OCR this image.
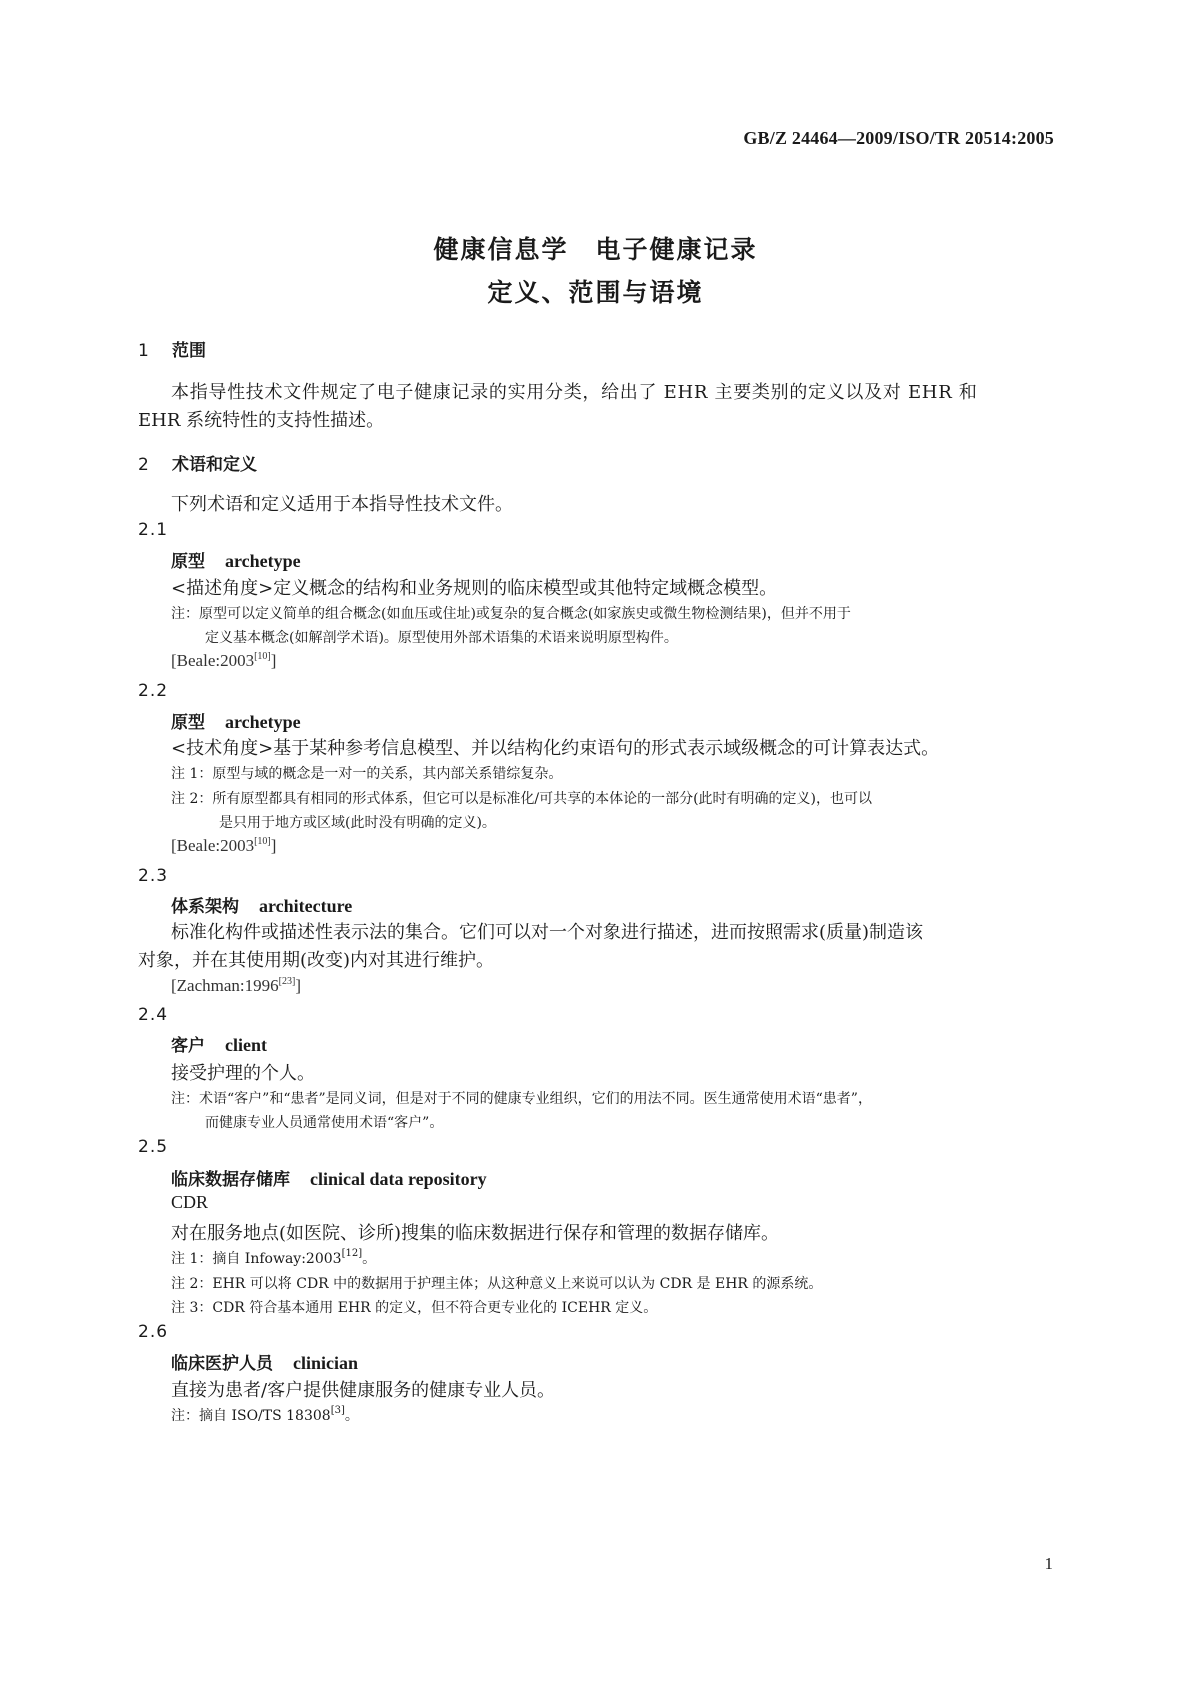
GB/Z 24464—2009/ISO/TR 20514:2005
健康信息学　电子健康记录
定义、范围与语境
1 范围
本指导性技术文件规定了电子健康记录的实用分类，给出了 EHR 主要类别的定义以及对 EHR 和
EHR 系统特性的支持性描述。
2 术语和定义
下列术语和定义适用于本指导性技术文件。
2.1
原型 archetype
<描述角度>定义概念的结构和业务规则的临床模型或其他特定域概念模型。
注：原型可以定义简单的组合概念(如血压或住址)或复杂的复合概念(如家族史或微生物检测结果)，但并不用于
定义基本概念(如解剖学术语)。原型使用外部术语集的术语来说明原型构件。
[Beale:2003[10]]
2.2
原型 archetype
<技术角度>基于某种参考信息模型、并以结构化约束语句的形式表示域级概念的可计算表达式。
注 1：原型与域的概念是一对一的关系，其内部关系错综复杂。
注 2：所有原型都具有相同的形式体系，但它可以是标准化/可共享的本体论的一部分(此时有明确的定义)，也可以
是只用于地方或区域(此时没有明确的定义)。
[Beale:2003[10]]
2.3
体系架构 architecture
标准化构件或描述性表示法的集合。它们可以对一个对象进行描述，进而按照需求(质量)制造该
对象，并在其使用期(改变)内对其进行维护。
[Zachman:1996[23]]
2.4
客户 client
接受护理的个人。
注：术语“客户”和“患者”是同义词，但是对于不同的健康专业组织，它们的用法不同。医生通常使用术语“患者”，
而健康专业人员通常使用术语“客户”。
2.5
临床数据存储库 clinical data repository
CDR
对在服务地点(如医院、诊所)搜集的临床数据进行保存和管理的数据存储库。
注 1：摘自 Infoway:2003[12]。
注 2：EHR 可以将 CDR 中的数据用于护理主体；从这种意义上来说可以认为 CDR 是 EHR 的源系统。
注 3：CDR 符合基本通用 EHR 的定义，但不符合更专业化的 ICEHR 定义。
2.6
临床医护人员 clinician
直接为患者/客户提供健康服务的健康专业人员。
注：摘自 ISO/TS 18308[3]。
1
